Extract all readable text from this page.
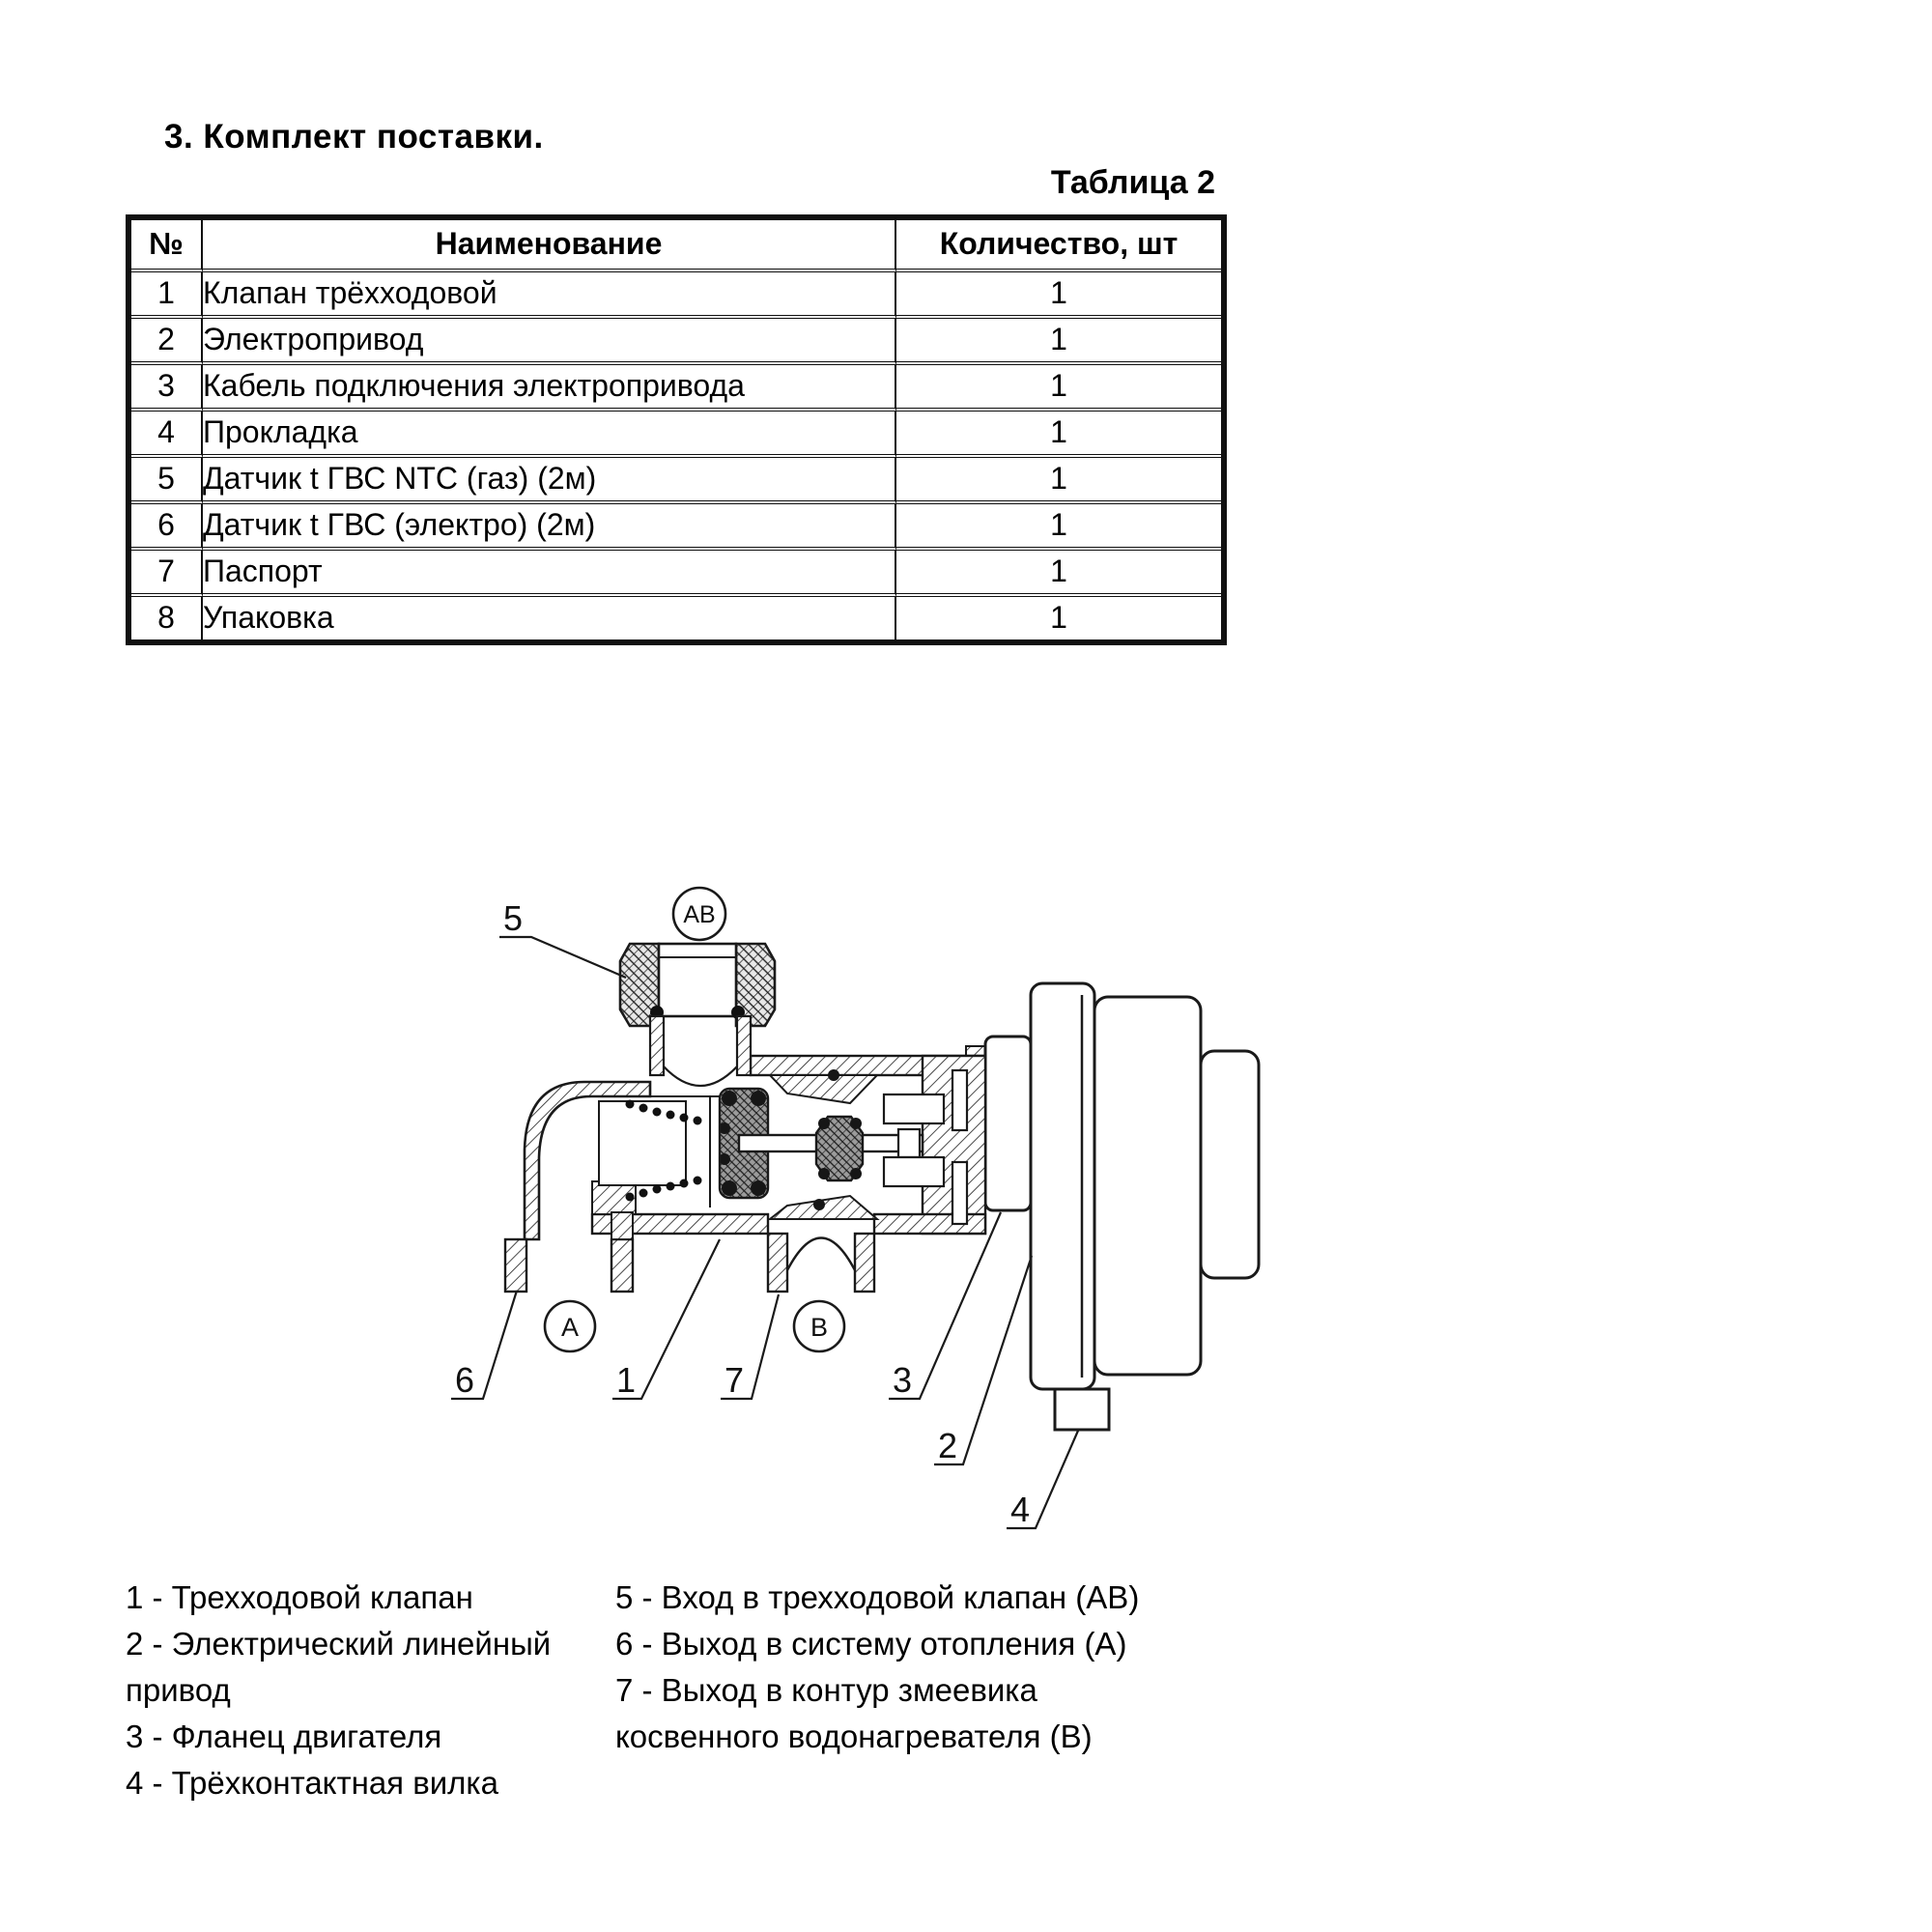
3. Комплект поставки.
Таблица 2
№	Наименование	Количество, шт
1	Клапан трёхходовой	1
2	Электропривод	1
3	Кабель подключения электропривода	1
4	Прокладка	1
5	Датчик t ГВС NTC (газ) (2м)	1
6	Датчик t ГВС (электро) (2м)	1
7	Паспорт	1
8	Упаковка	1
AB
A	B
5
6	1	7	3
2
4
1 - Трехходовой клапан
2 - Электрический линейный привод
3 - Фланец двигателя
4 - Трёхконтактная вилка
5 - Вход в трехходовой клапан (АВ)
6 - Выход в систему отопления (А)
7 - Выход в контур змеевика косвенного водонагревателя (В)
